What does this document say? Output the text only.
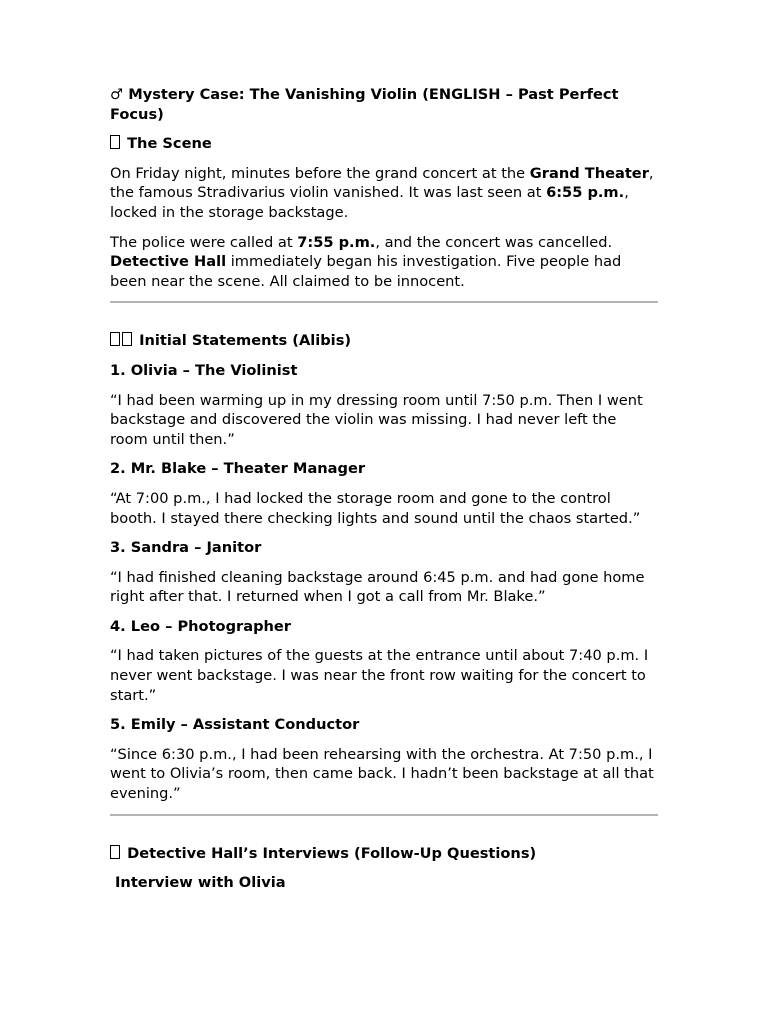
♂ Mystery Case: The Vanishing Violin (ENGLISH – Past Perfect Focus)
The Scene

On Friday night, minutes before the grand concert at the Grand Theater, the famous Stradivarius violin vanished. It was last seen at 6:55 p.m., locked in the storage backstage.

The police were called at 7:55 p.m., and the concert was cancelled. Detective Hall immediately began his investigation. Five people had been near the scene. All claimed to be innocent.

Initial Statements (Alibis)
1. Olivia – The Violinist

“I had been warming up in my dressing room until 7:50 p.m. Then I went backstage and discovered the violin was missing. I had never left the room until then.”

2. Mr. Blake – Theater Manager

“At 7:00 p.m., I had locked the storage room and gone to the control booth. I stayed there checking lights and sound until the chaos started.”

3. Sandra – Janitor

“I had finished cleaning backstage around 6:45 p.m. and had gone home right after that. I returned when I got a call from Mr. Blake.”

4. Leo – Photographer

“I had taken pictures of the guests at the entrance until about 7:40 p.m. I never went backstage. I was near the front row waiting for the concert to start.”

5. Emily – Assistant Conductor

“Since 6:30 p.m., I had been rehearsing with the orchestra. At 7:50 p.m., I went to Olivia’s room, then came back. I hadn’t been backstage at all that evening.”

Detective Hall’s Interviews (Follow-Up Questions)
Interview with Olivia
